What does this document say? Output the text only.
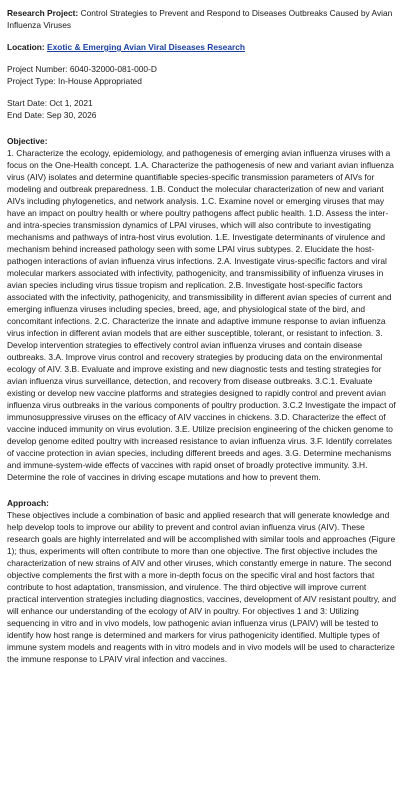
Research Project: Control Strategies to Prevent and Respond to Diseases Outbreaks Caused by Avian Influenza Viruses

Location: Exotic & Emerging Avian Viral Diseases Research

Project Number: 6040-32000-081-000-D
Project Type: In-House Appropriated
Start Date: Oct 1, 2021
End Date: Sep 30, 2026
Objective:

1. Characterize the ecology, epidemiology, and pathogenesis of emerging avian influenza viruses with a focus on the One-Health concept. 1.A. Characterize the pathogenesis of new and variant avian influenza virus (AIV) isolates and determine quantifiable species-specific transmission parameters of AIVs for modeling and outbreak preparedness. 1.B. Conduct the molecular characterization of new and variant AIVs including phylogenetics, and network analysis. 1.C. Examine novel or emerging viruses that may have an impact on poultry health or where poultry pathogens affect public health. 1.D. Assess the inter- and intra-species transmission dynamics of LPAI viruses, which will also contribute to investigating mechanisms and pathways of intra-host virus evolution. 1.E. Investigate determinants of virulence and mechanism behind increased pathology seen with some LPAI virus subtypes. 2. Elucidate the host-pathogen interactions of avian influenza virus infections. 2.A. Investigate virus-specific factors and viral molecular markers associated with infectivity, pathogenicity, and transmissibility of influenza viruses in avian species including virus tissue tropism and replication. 2.B. Investigate host-specific factors associated with the infectivity, pathogenicity, and transmissibility in different avian species of current and emerging influenza viruses including species, breed, age, and physiological state of the bird, and concomitant infections. 2.C. Characterize the innate and adaptive immune response to avian influenza virus infection in different avian models that are either susceptible, tolerant, or resistant to infection. 3. Develop intervention strategies to effectively control avian influenza viruses and contain disease outbreaks. 3.A. Improve virus control and recovery strategies by producing data on the environmental ecology of AIV. 3.B. Evaluate and improve existing and new diagnostic tests and testing strategies for avian influenza virus surveillance, detection, and recovery from disease outbreaks. 3.C.1. Evaluate existing or develop new vaccine platforms and strategies designed to rapidly control and prevent avian influenza virus outbreaks in the various components of poultry production. 3.C.2 Investigate the impact of immunosuppressive viruses on the efficacy of AIV vaccines in chickens. 3.D. Characterize the effect of vaccine induced immunity on virus evolution. 3.E. Utilize precision engineering of the chicken genome to develop genome edited poultry with increased resistance to avian influenza virus. 3.F. Identify correlates of vaccine protection in avian species, including different breeds and ages. 3.G. Determine mechanisms and immune-system-wide effects of vaccines with rapid onset of broadly protective immunity. 3.H. Determine the role of vaccines in driving escape mutations and how to prevent them.

Approach:

These objectives include a combination of basic and applied research that will generate knowledge and help develop tools to improve our ability to prevent and control avian influenza virus (AIV). These research goals are highly interrelated and will be accomplished with similar tools and approaches (Figure 1); thus, experiments will often contribute to more than one objective. The first objective includes the characterization of new strains of AIV and other viruses, which constantly emerge in nature. The second objective complements the first with a more in-depth focus on the specific viral and host factors that contribute to host adaptation, transmission, and virulence. The third objective will improve current practical intervention strategies including diagnostics, vaccines, development of AIV resistant poultry, and will enhance our understanding of the ecology of AIV in poultry. For objectives 1 and 3: Utilizing sequencing in vitro and in vivo models, low pathogenic avian influenza virus (LPAIV) will be tested to identify how host range is determined and markers for virus pathogenicity identified. Multiple types of immune system models and reagents with in vitro models and in vivo models will be used to characterize the immune response to LPAIV viral infection and vaccines.
